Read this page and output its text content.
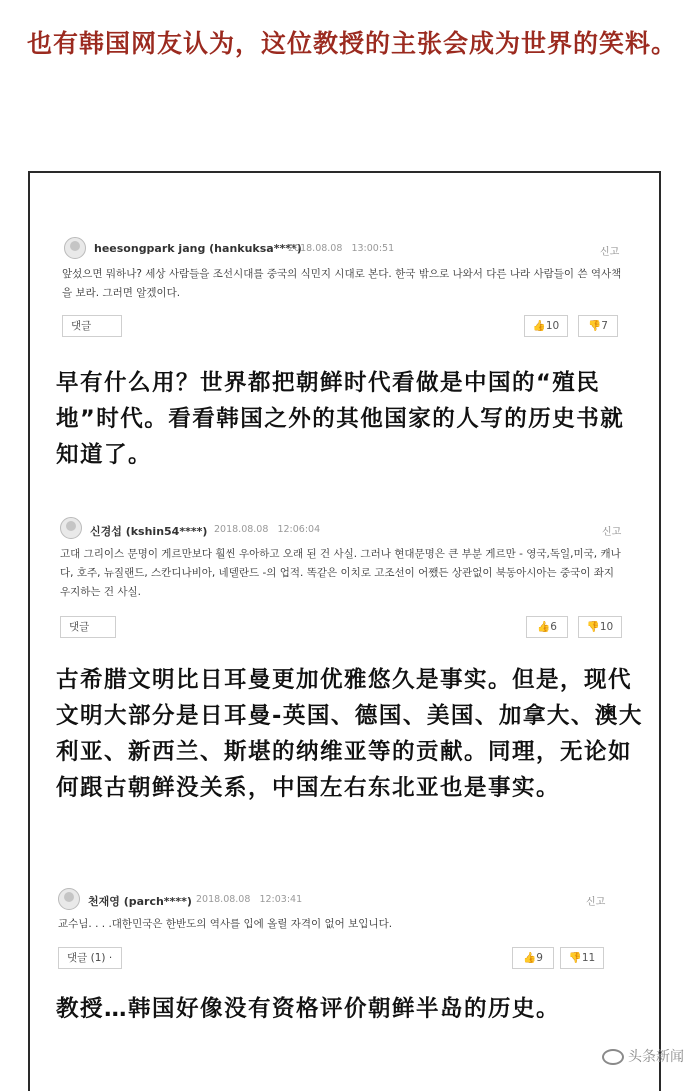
也有韩国网友认为，这位教授的主张会成为世界的笑料。
heesongpark jang (hankuksa****)
2018.08.08 13:00:51	신고
앞섰으면 뭐하나? 세상 사람들을 조선시대를 중국의 식민지 시대로 본다. 한국 밖으로 나와서 다른 나라 사람들이 쓴 역사책을 보라. 그러면 알겠이다.
댓글	👍10	👎7
早有什么用？世界都把朝鲜时代看做是中国的“殖民地”时代。看看韩国之外的其他国家的人写的历史书就知道了。
신경섭 (kshin54****) 2018.08.08 12:06:04	신고
고대 그리이스 문명이 게르만보다 훨씬 우아하고 오래 된 건 사실. 그러나 현대문명은 큰 부분 게르만 - 영국,독일,미국, 캐나다, 호주, 뉴질랜드, 스칸디나비아, 네델란드 -의 업적. 똑같은 이치로 고조선이 어쨌든 상관없이 북동아시아는 중국이 좌지우지하는 건 사실.
댓글	👍6	👎10
古希腊文明比日耳曼更加优雅悠久是事实。但是，现代文明大部分是日耳曼-英国、德国、美国、加拿大、澳大利亚、新西兰、斯堪的纳维亚等的贡献。同理，无论如何跟古朝鲜没关系，中国左右东北亚也是事实。
천재영 (parch****) 2018.08.08 12:03:41	신고
교수님. . . .대한민국은 한반도의 역사를 입에 올릴 자격이 없어 보입니다.
댓글 (1) ·	👍9	👎11
教授…韩国好像没有资格评价朝鲜半岛的历史。
头条新闻
